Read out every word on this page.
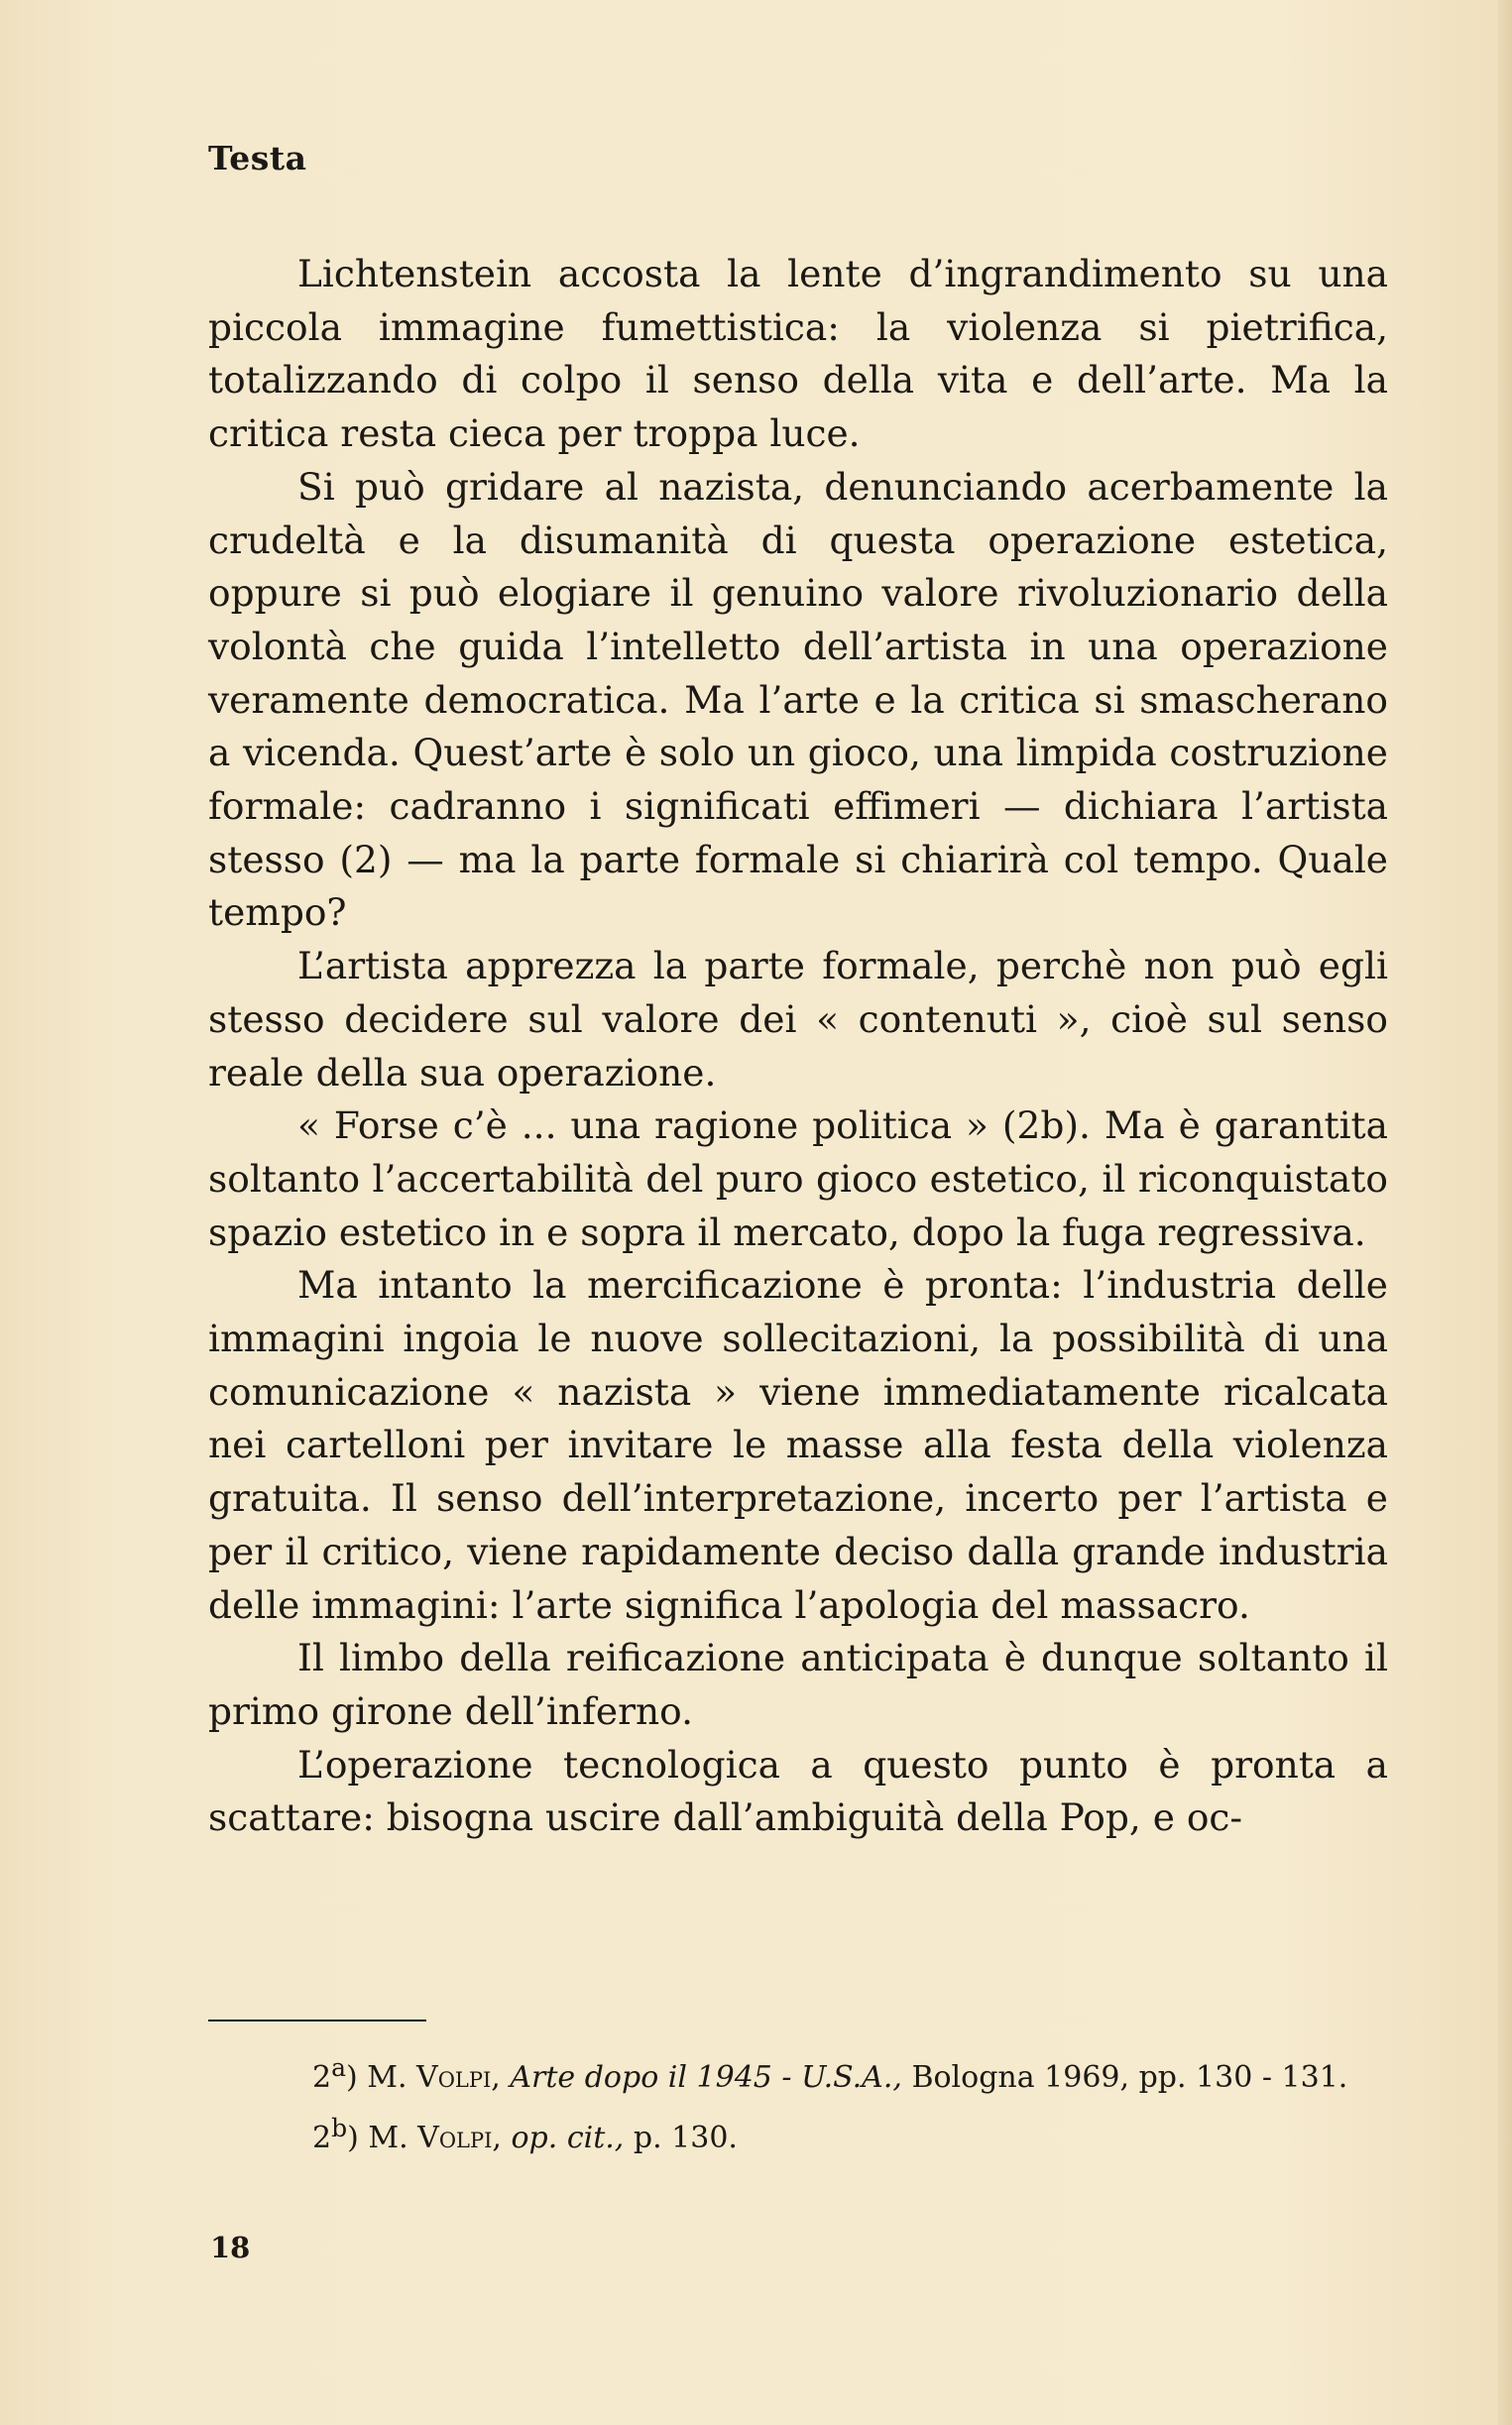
Testa

Lichtenstein accosta la lente d’ingrandimento su una piccola immagine fumettistica: la violenza si pietrifica, totalizzando di colpo il senso della vita e dell’arte. Ma la critica resta cieca per troppa luce.

Si può gridare al nazista, denunciando acerbamente la crudeltà e la disumanità di questa operazione estetica, oppure si può elogiare il genuino valore rivoluzionario della volontà che guida l’intelletto dell’artista in una operazione veramente democratica. Ma l’arte e la critica si smascherano a vicenda. Quest’arte è solo un gioco, una limpida costruzione formale: cadranno i significati effimeri — dichiara l’artista stesso (2) — ma la parte formale si chiarirà col tempo. Quale tempo?

L’artista apprezza la parte formale, perchè non può egli stesso decidere sul valore dei « contenuti », cioè sul senso reale della sua operazione.

« Forse c’è ... una ragione politica » (2b). Ma è garantita soltanto l’accertabilità del puro gioco estetico, il riconquistato spazio estetico in e sopra il mercato, dopo la fuga regressiva.

Ma intanto la mercificazione è pronta: l’industria delle immagini ingoia le nuove sollecitazioni, la possibilità di una comunicazione « nazista » viene immediatamente ricalcata nei cartelloni per invitare le masse alla festa della violenza gratuita. Il senso dell’interpretazione, incerto per l’artista e per il critico, viene rapidamente deciso dalla grande industria delle immagini: l’arte significa l’apologia del massacro.

Il limbo della reificazione anticipata è dunque soltanto il primo girone dell’inferno.

L’operazione tecnologica a questo punto è pronta a scattare: bisogna uscire dall’ambiguità della Pop, e oc-

2$^a$) M. Volpi, Arte dopo il 1945 - U.S.A., Bologna 1969, pp. 130 - 131.

2$^b$) M. Volpi, op. cit., p. 130.

18
